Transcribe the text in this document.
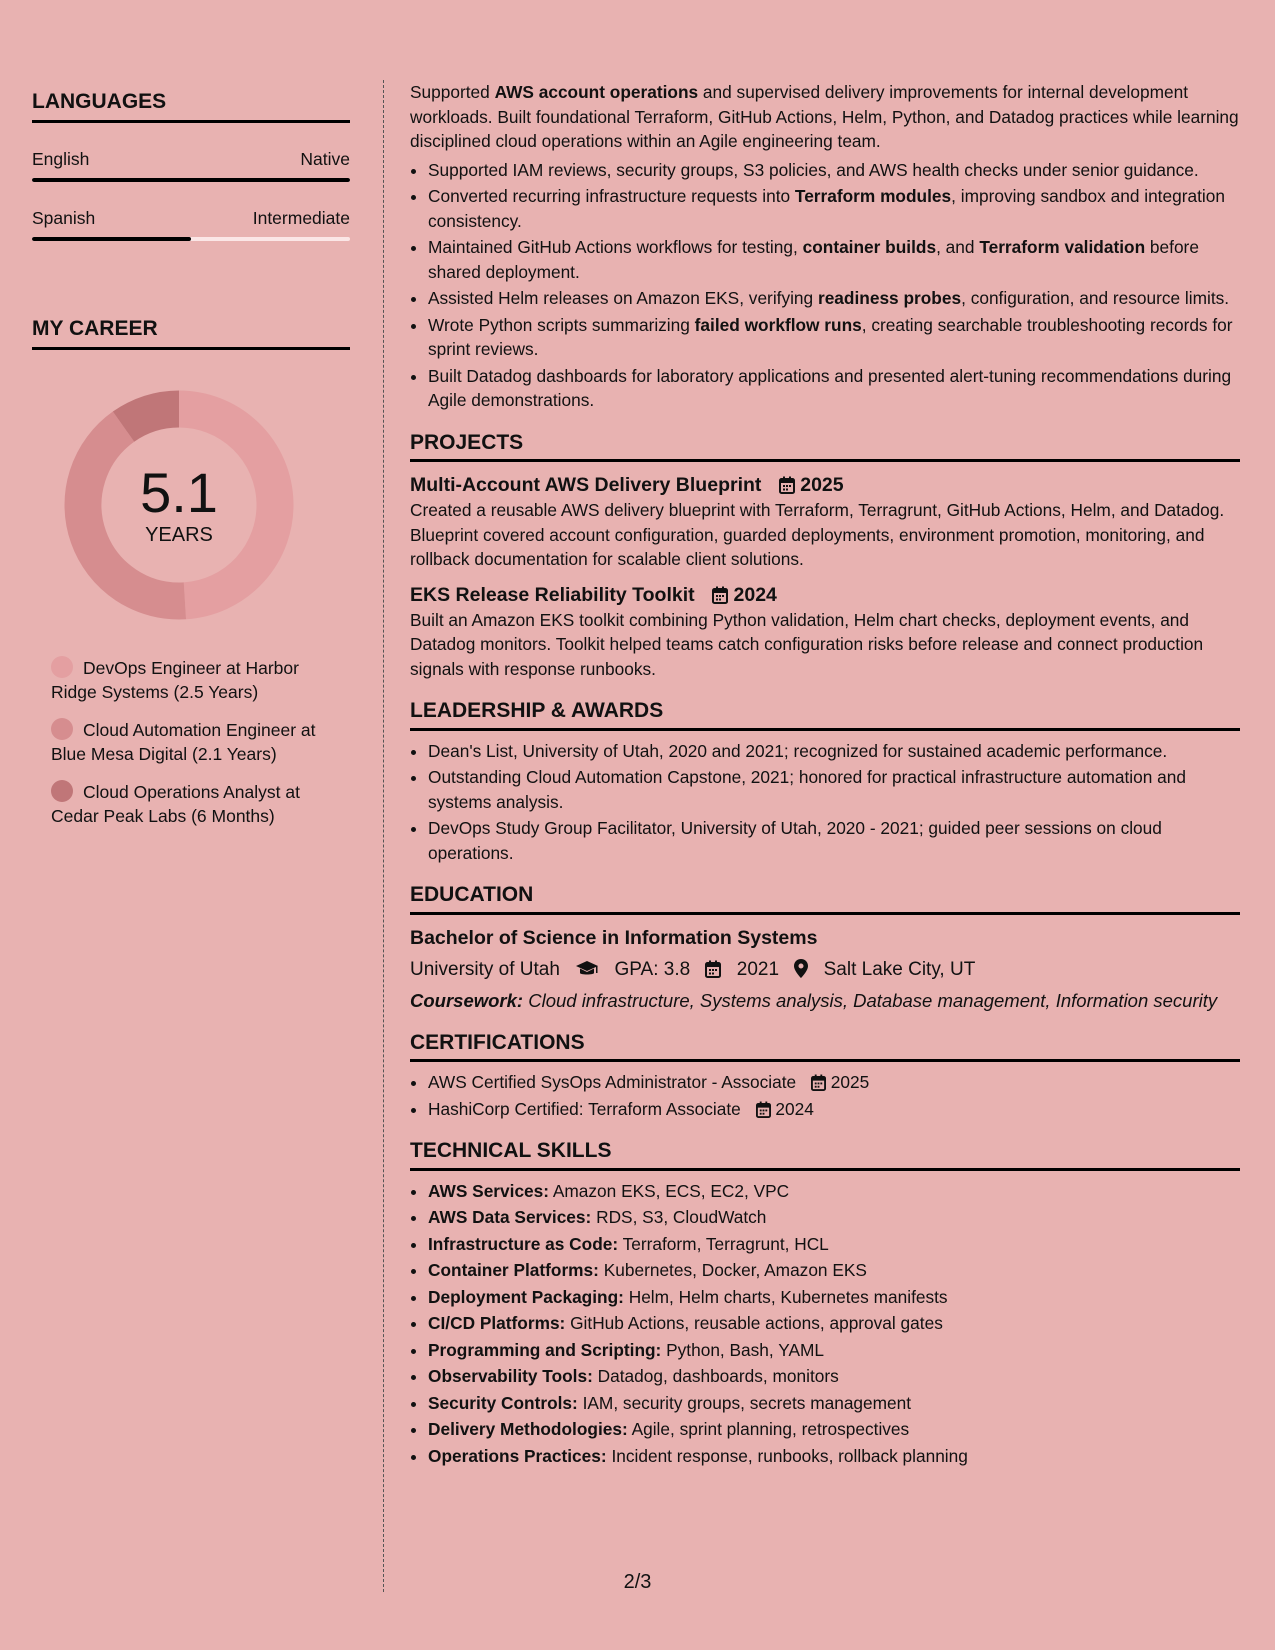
LANGUAGES
English	Native
Spanish	Intermediate
MY CAREER
5.1
YEARS
DevOps Engineer at Harbor Ridge Systems (2.5 Years)
Cloud Automation Engineer at Blue Mesa Digital (2.1 Years)
Cloud Operations Analyst at Cedar Peak Labs (6 Months)

Supported AWS account operations and supervised delivery improvements for internal development workloads. Built foundational Terraform, GitHub Actions, Helm, Python, and Datadog practices while learning disciplined cloud operations within an Agile engineering team.

• Supported IAM reviews, security groups, S3 policies, and AWS health checks under senior guidance.
• Converted recurring infrastructure requests into Terraform modules, improving sandbox and integration consistency.
• Maintained GitHub Actions workflows for testing, container builds, and Terraform validation before shared deployment.
• Assisted Helm releases on Amazon EKS, verifying readiness probes, configuration, and resource limits.
• Wrote Python scripts summarizing failed workflow runs, creating searchable troubleshooting records for sprint reviews.
• Built Datadog dashboards for laboratory applications and presented alert-tuning recommendations during Agile demonstrations.
PROJECTS
Multi-Account AWS Delivery Blueprint 2025

Created a reusable AWS delivery blueprint with Terraform, Terragrunt, GitHub Actions, Helm, and Datadog. Blueprint covered account configuration, guarded deployments, environment promotion, monitoring, and rollback documentation for scalable client solutions.

EKS Release Reliability Toolkit 2024

Built an Amazon EKS toolkit combining Python validation, Helm chart checks, deployment events, and Datadog monitors. Toolkit helped teams catch configuration risks before release and connect production signals with response runbooks.

LEADERSHIP & AWARDS
• Dean's List, University of Utah, 2020 and 2021; recognized for sustained academic performance.
• Outstanding Cloud Automation Capstone, 2021; honored for practical infrastructure automation and systems analysis.
• DevOps Study Group Facilitator, University of Utah, 2020 - 2021; guided peer sessions on cloud operations.
EDUCATION
Bachelor of Science in Information Systems
University of Utah	GPA: 3.8 2021 Salt Lake City, UT
Coursework: Cloud infrastructure, Systems analysis, Database management, Information security
CERTIFICATIONS
• AWS Certified SysOps Administrator - Associate 2025
• HashiCorp Certified: Terraform Associate 2024
TECHNICAL SKILLS
• AWS Services: Amazon EKS, ECS, EC2, VPC
• AWS Data Services: RDS, S3, CloudWatch
• Infrastructure as Code: Terraform, Terragrunt, HCL
• Container Platforms: Kubernetes, Docker, Amazon EKS
• Deployment Packaging: Helm, Helm charts, Kubernetes manifests
• CI/CD Platforms: GitHub Actions, reusable actions, approval gates
• Programming and Scripting: Python, Bash, YAML
• Observability Tools: Datadog, dashboards, monitors
• Security Controls: IAM, security groups, secrets management
• Delivery Methodologies: Agile, sprint planning, retrospectives
• Operations Practices: Incident response, runbooks, rollback planning
2/3
